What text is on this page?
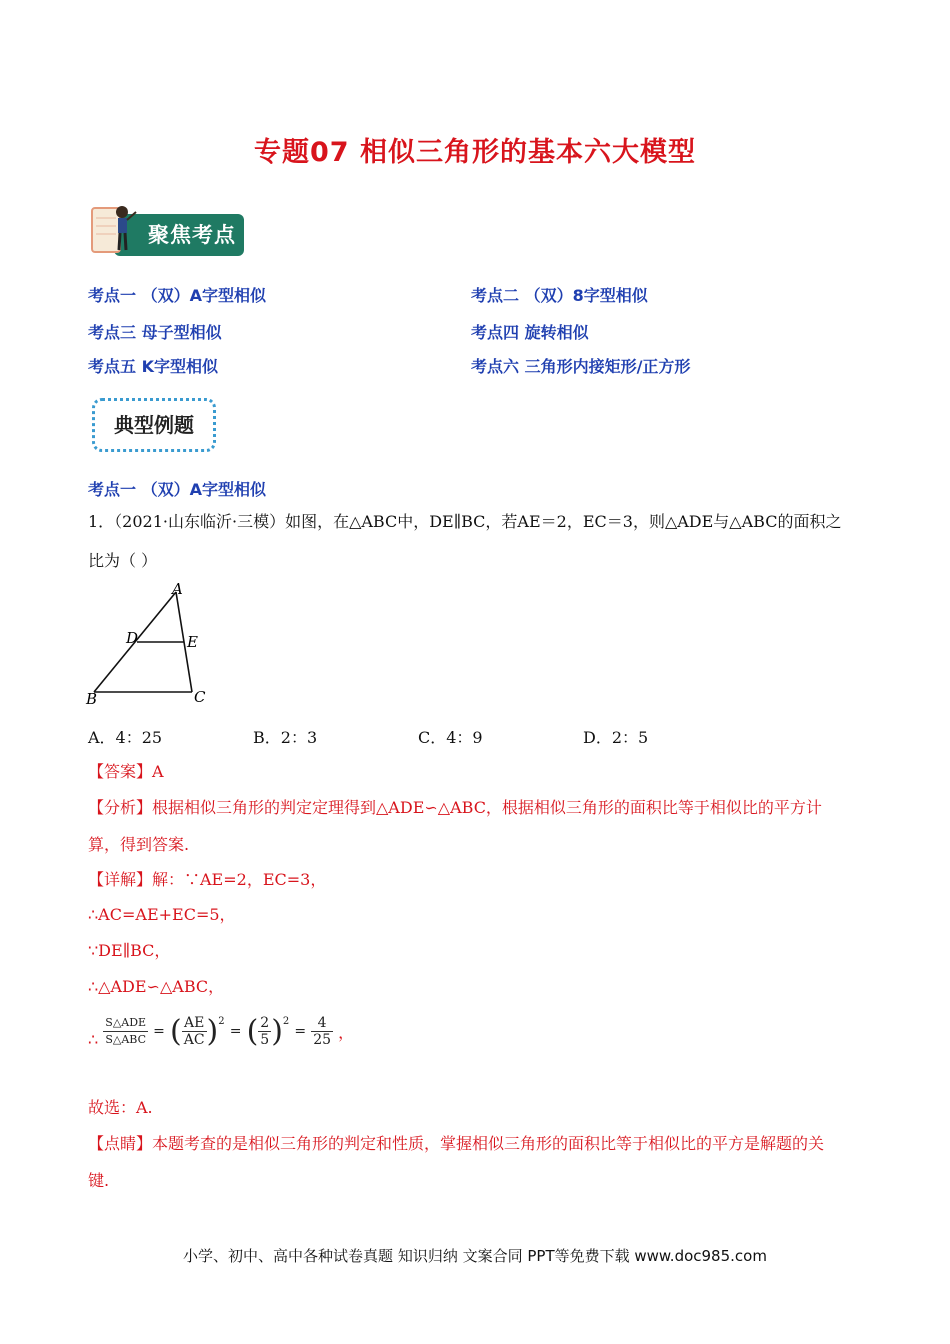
专题07 相似三角形的基本六大模型
聚焦考点
考点一 （双）A字型相似	考点二 （双）8字型相似
考点三 母子型相似	考点四 旋转相似
考点五 K字型相似	考点六 三角形内接矩形/正方形
典型例题
考点一 （双）A字型相似
1．（2021·山东临沂·三模）如图，在△ABC中，DE∥BC，若AE＝2，EC＝3，则△ADE与△ABC的面积之
比为（ ）
A
D	E
B	C
A．4：25	B．2：3	C．4：9	D．2：5
【答案】A
【分析】根据相似三角形的判定定理得到△ADE∽△ABC，根据相似三角形的面积比等于相似比的平方计
算，得到答案.
【详解】解：∵AE=2，EC=3，
∴AC=AE+EC=5，
∵DE∥BC，
∴△ADE∽△ABC，
∴ $\frac{\text{S△ADE}}{\text{S△ABC}}$ = ( $\frac{AE}{AC} )^2$ = ( $\frac{2}{5} )^2 = \frac{4}{25}$ ，
故选：A.
【点睛】本题考查的是相似三角形的判定和性质，掌握相似三角形的面积比等于相似比的平方是解题的关
键.
小学、初中、高中各种试卷真题 知识归纳 文案合同 PPT等免费下载 www.doc985.com
